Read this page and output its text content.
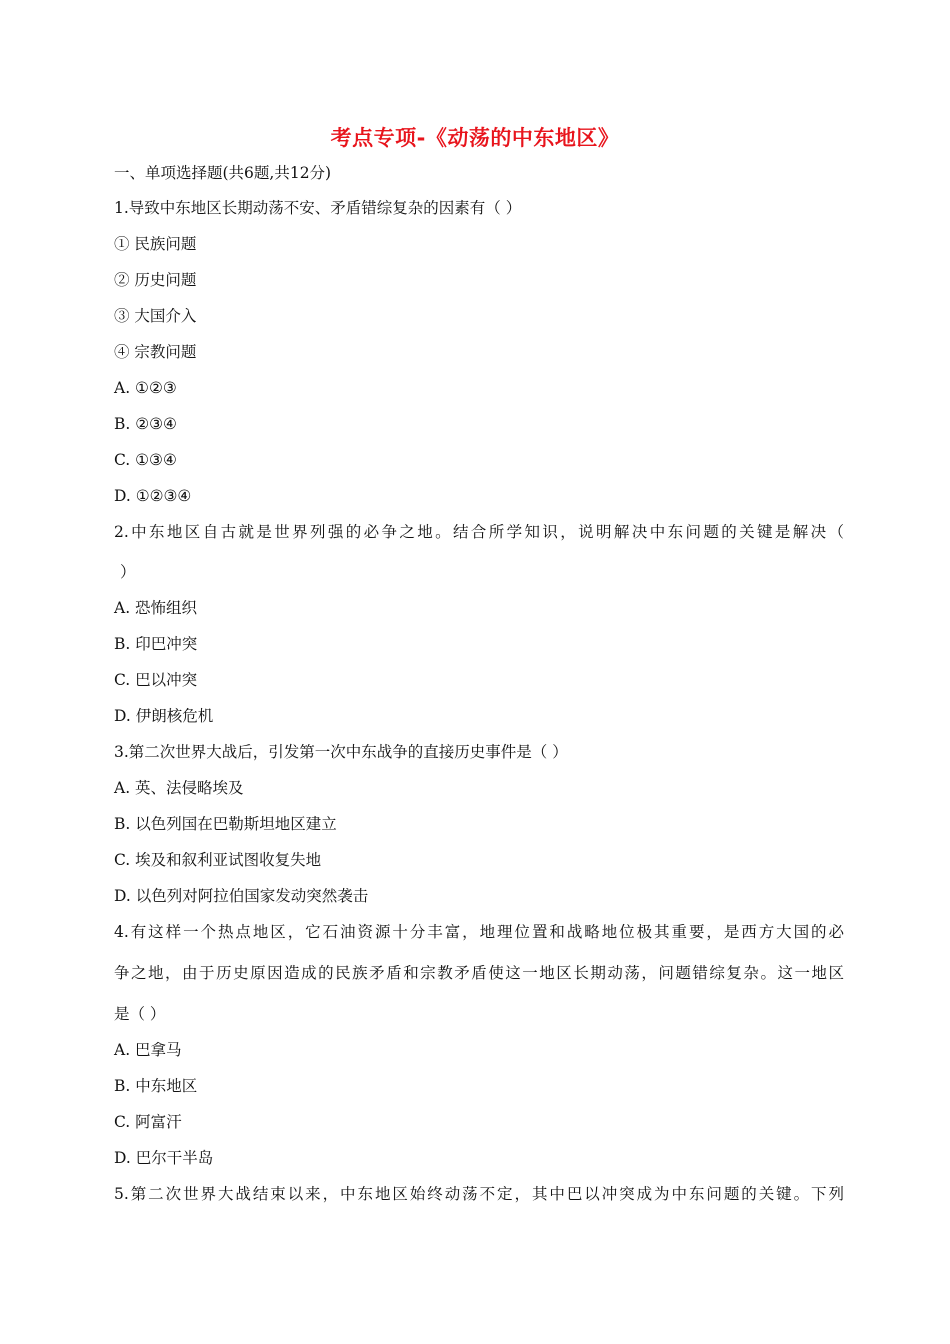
考点专项-《动荡的中东地区》
一、单项选择题(共6题,共12分)
1.导致中东地区长期动荡不安、矛盾错综复杂的因素有（ ）
① 民族问题
② 历史问题
③ 大国介入
④ 宗教问题
A. ①②③
B. ②③④
C. ①③④
D. ①②③④
2.中东地区自古就是世界列强的必争之地。结合所学知识，说明解决中东问题的关键是解决（
）
A. 恐怖组织
B. 印巴冲突
C. 巴以冲突
D. 伊朗核危机
3.第二次世界大战后，引发第一次中东战争的直接历史事件是（ ）
A. 英、法侵略埃及
B. 以色列国在巴勒斯坦地区建立
C. 埃及和叙利亚试图收复失地
D. 以色列对阿拉伯国家发动突然袭击
4.有这样一个热点地区，它石油资源十分丰富，地理位置和战略地位极其重要，是西方大国的必
争之地，由于历史原因造成的民族矛盾和宗教矛盾使这一地区长期动荡，问题错综复杂。这一地区
是（ ）
A. 巴拿马
B. 中东地区
C. 阿富汗
D. 巴尔干半岛
5.第二次世界大战结束以来，中东地区始终动荡不定，其中巴以冲突成为中东问题的关键。下列
